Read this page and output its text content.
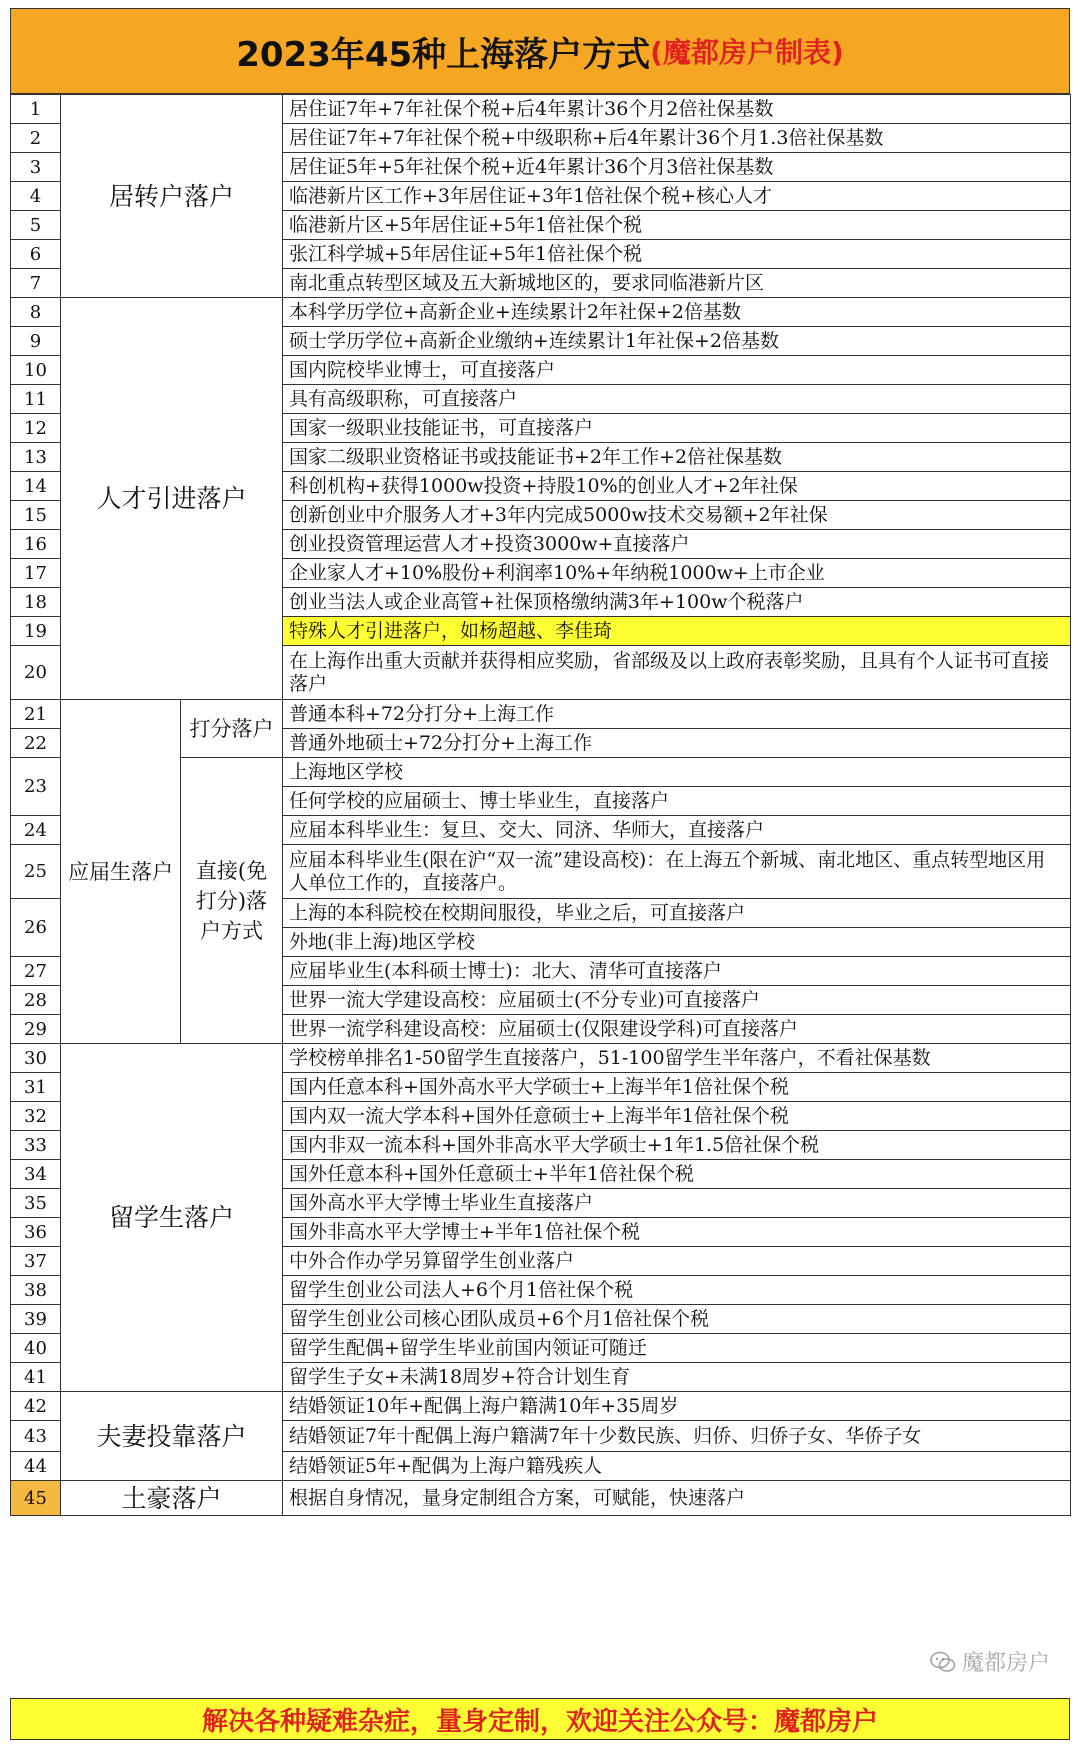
2023年45种上海落户方式 (魔都房户制表)
1	居转户落户		居住证7年+7年社保个税+后4年累计36个月2倍社保基数
2			居住证7年+7年社保个税+中级职称+后4年累计36个月1.3倍社保基数
3			居住证5年+5年社保个税+近4年累计36个月3倍社保基数
4			临港新片区工作+3年居住证+3年1倍社保个税+核心人才
5			临港新片区+5年居住证+5年1倍社保个税
6			张江科学城+5年居住证+5年1倍社保个税
7			南北重点转型区域及五大新城地区的，要求同临港新片区
8	人才引进落户		本科学历学位+高新企业+连续累计2年社保+2倍基数
9			硕士学历学位+高新企业缴纳+连续累计1年社保+2倍基数
10			国内院校毕业博士，可直接落户
11			具有高级职称，可直接落户
12			国家一级职业技能证书，可直接落户
13			国家二级职业资格证书或技能证书+2年工作+2倍社保基数
14			科创机构+获得1000w投资+持股10%的创业人才+2年社保
15			创新创业中介服务人才+3年内完成5000w技术交易额+2年社保
16			创业投资管理运营人才+投资3000w+直接落户
17			企业家人才+10%股份+利润率10%+年纳税1000w+上市企业
18			创业当法人或企业高管+社保顶格缴纳满3年+100w个税落户
19			特殊人才引进落户，如杨超越、李佳琦
20			在上海作出重大贡献并获得相应奖励，省部级及以上政府表彰奖励，且具有个人证书可直接落户
21	应届生落户	打分落户	普通本科+72分打分+上海工作
22			普通外地硕士+72分打分+上海工作
23		直接(免打分)落户方式	上海地区学校
			任何学校的应届硕士、博士毕业生，直接落户
24			应届本科毕业生：复旦、交大、同济、华师大，直接落户
25			应届本科毕业生(限在沪“双一流”建设高校)：在上海五个新城、南北地区、重点转型地区用人单位工作的，直接落户。
26			上海的本科院校在校期间服役，毕业之后，可直接落户
			外地(非上海)地区学校
27			应届毕业生(本科硕士博士)：北大、清华可直接落户
28			世界一流大学建设高校：应届硕士(不分专业)可直接落户
29			世界一流学科建设高校：应届硕士(仅限建设学科)可直接落户
30	留学生落户		学校榜单排名1-50留学生直接落户，51-100留学生半年落户，不看社保基数
31			国内任意本科+国外高水平大学硕士+上海半年1倍社保个税
32			国内双一流大学本科+国外任意硕士+上海半年1倍社保个税
33			国内非双一流本科+国外非高水平大学硕士+1年1.5倍社保个税
34			国外任意本科+国外任意硕士+半年1倍社保个税
35			国外高水平大学博士毕业生直接落户
36			国外非高水平大学博士+半年1倍社保个税
37			中外合作办学另算留学生创业落户
38			留学生创业公司法人+6个月1倍社保个税
39			留学生创业公司核心团队成员+6个月1倍社保个税
40			留学生配偶+留学生毕业前国内领证可随迁
41			留学生子女+未满18周岁+符合计划生育
42	夫妻投靠落户		结婚领证10年+配偶上海户籍满10年+35周岁
43			结婚领证7年十配偶上海户籍满7年十少数民族、归侨、归侨子女、华侨子女
44			结婚领证5年+配偶为上海户籍残疾人
45	土豪落户		根据自身情况，量身定制组合方案，可赋能，快速落户
解决各种疑难杂症，量身定制，欢迎关注公众号：魔都房户
魔都房户
